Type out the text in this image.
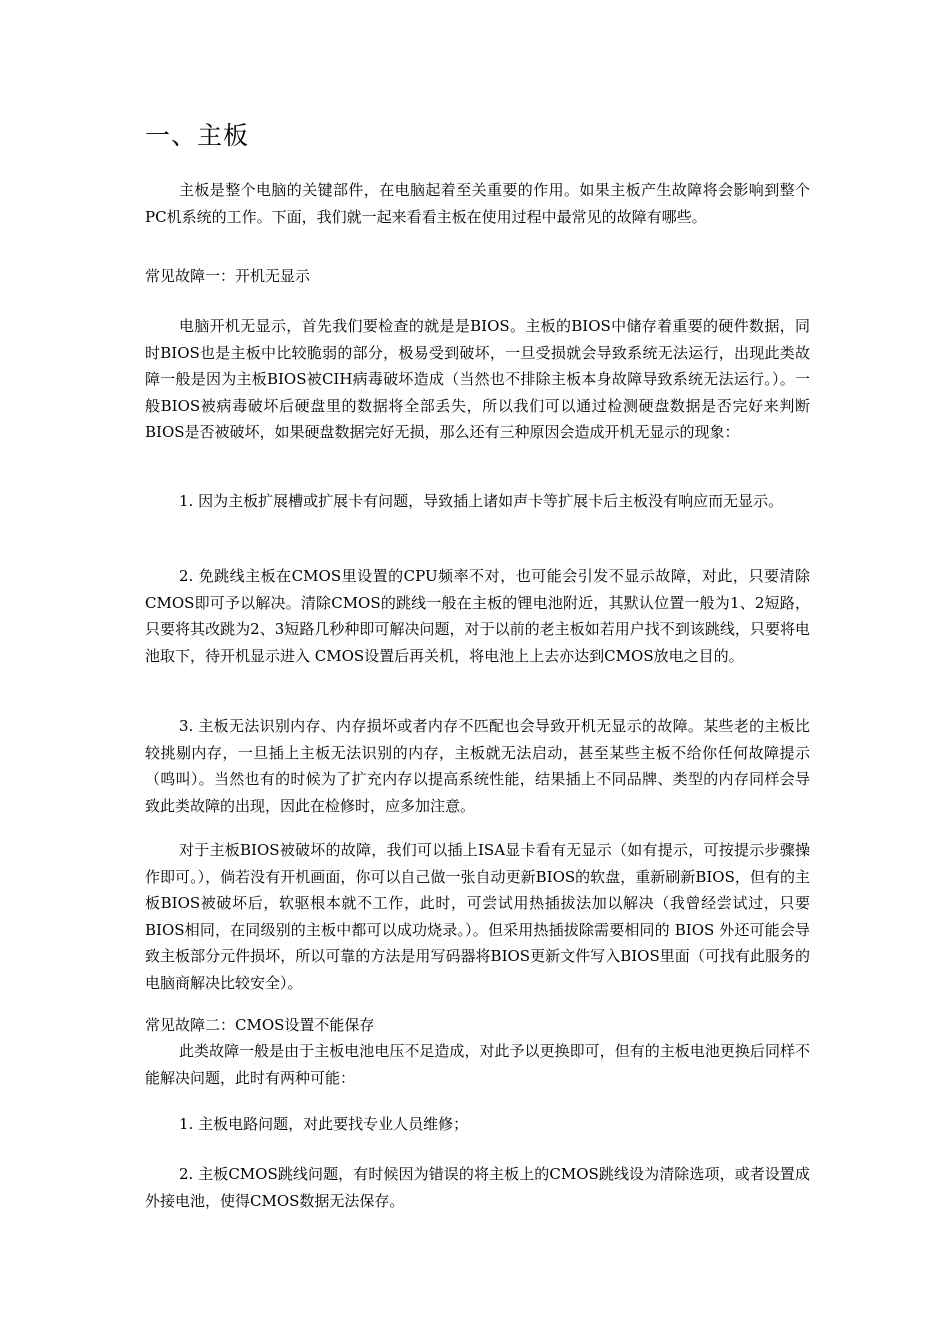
一、主板

主板是整个电脑的关键部件，在电脑起着至关重要的作用。如果主板产生故障将会影响到整个PC机系统的工作。下面，我们就一起来看看主板在使用过程中最常见的故障有哪些。

常见故障一：开机无显示

电脑开机无显示，首先我们要检查的就是是BIOS。主板的BIOS中储存着重要的硬件数据，同时BIOS也是主板中比较脆弱的部分，极易受到破坏，一旦受损就会导致系统无法运行，出现此类故障一般是因为主板BIOS被CIH病毒破坏造成（当然也不排除主板本身故障导致系统无法运行。）。一般BIOS被病毒破坏后硬盘里的数据将全部丢失，所以我们可以通过检测硬盘数据是否完好来判断BIOS是否被破坏，如果硬盘数据完好无损，那么还有三种原因会造成开机无显示的现象：

1. 因为主板扩展槽或扩展卡有问题，导致插上诸如声卡等扩展卡后主板没有响应而无显示。

2. 免跳线主板在CMOS里设置的CPU频率不对，也可能会引发不显示故障，对此，只要清除CMOS即可予以解决。清除CMOS的跳线一般在主板的锂电池附近，其默认位置一般为1、2短路，只要将其改跳为2、3短路几秒种即可解决问题，对于以前的老主板如若用户找不到该跳线，只要将电池取下，待开机显示进入 CMOS设置后再关机，将电池上上去亦达到CMOS放电之目的。

3. 主板无法识别内存、内存损坏或者内存不匹配也会导致开机无显示的故障。某些老的主板比较挑剔内存，一旦插上主板无法识别的内存，主板就无法启动，甚至某些主板不给你任何故障提示（鸣叫）。当然也有的时候为了扩充内存以提高系统性能，结果插上不同品牌、类型的内存同样会导致此类故障的出现，因此在检修时，应多加注意。

对于主板BIOS被破坏的故障，我们可以插上ISA显卡看有无显示（如有提示，可按提示步骤操作即可。），倘若没有开机画面，你可以自己做一张自动更新BIOS的软盘，重新刷新BIOS，但有的主板BIOS被破坏后，软驱根本就不工作，此时，可尝试用热插拔法加以解决（我曾经尝试过，只要BIOS相同，在同级别的主板中都可以成功烧录。）。但采用热插拔除需要相同的 BIOS 外还可能会导致主板部分元件损坏，所以可靠的方法是用写码器将BIOS更新文件写入BIOS里面（可找有此服务的电脑商解决比较安全）。

常见故障二：CMOS设置不能保存

此类故障一般是由于主板电池电压不足造成，对此予以更换即可，但有的主板电池更换后同样不能解决问题，此时有两种可能：

1. 主板电路问题，对此要找专业人员维修；

2. 主板CMOS跳线问题，有时候因为错误的将主板上的CMOS跳线设为清除选项，或者设置成外接电池，使得CMOS数据无法保存。
